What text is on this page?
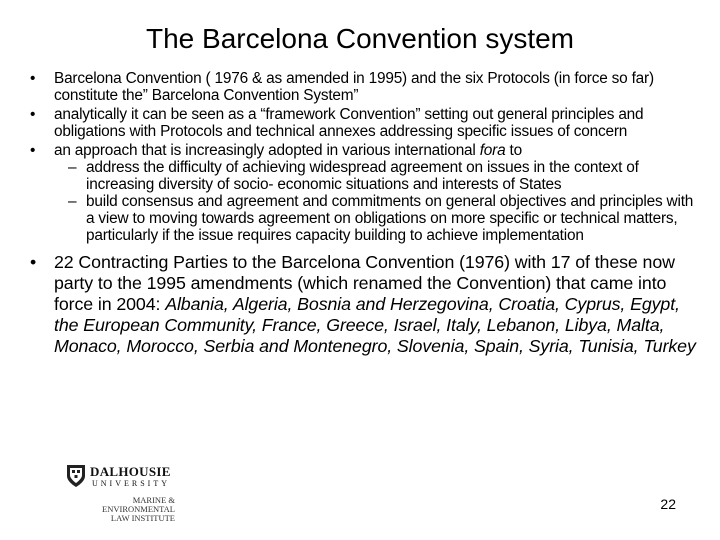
The Barcelona Convention system
• Barcelona Convention ( 1976 & as amended in 1995) and the six Protocols (in force so far) constitute the” Barcelona Convention System”
• analytically it can be seen as a “framework Convention” setting out general principles and obligations with Protocols and technical annexes addressing specific issues of concern
• an approach that is increasingly adopted in various international fora to
– address the difficulty of achieving widespread agreement on issues in the context of increasing diversity of socio- economic situations and interests of States
– build consensus and agreement and commitments on general objectives and principles with a view to moving towards agreement on obligations on more specific or technical matters, particularly if the issue requires capacity building to achieve implementation
• 22 Contracting Parties to the Barcelona Convention (1976) with 17 of these now party to the 1995 amendments (which renamed the Convention) that came into force in 2004: Albania, Algeria, Bosnia and Herzegovina, Croatia, Cyprus, Egypt, the European Community, France, Greece, Israel, Italy, Lebanon, Libya, Malta, Monaco, Morocco, Serbia and Montenegro, Slovenia, Spain, Syria, Tunisia, Turkey
DALHOUSIE
UNIVERSITY
MARINE &
ENVIRONMENTAL
LAW INSTITUTE
22
